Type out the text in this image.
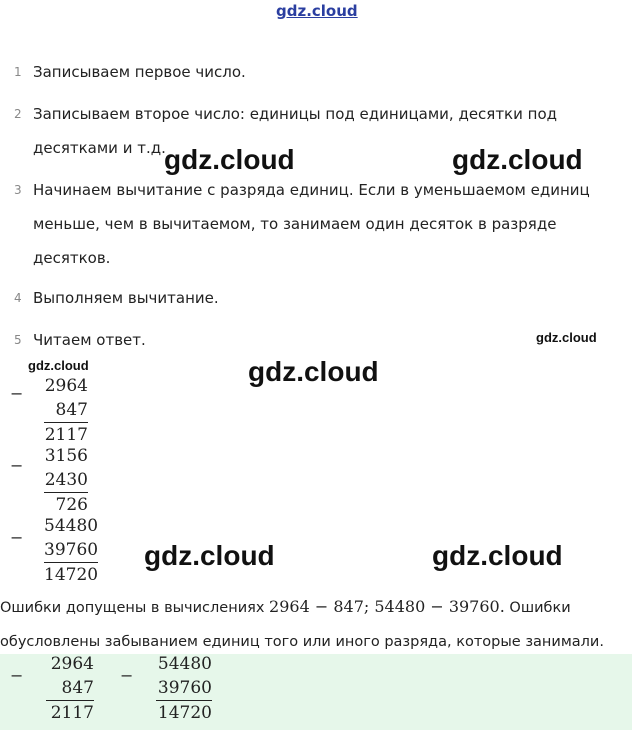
gdz.cloud
1 Записываем первое число.
2 Записываем второе число: единицы под единицами, десятки под десятками и т.д.
3 Начинаем вычитание с разряда единиц. Если в уменьшаемом единиц меньше, чем в вычитаемом, то занимаем один десяток в разряде десятков.
4 Выполняем вычитание.
5 Читаем ответ.
gdz.cloud	gdz.cloud
gdz.cloud
gdz.cloud	gdz.cloud
gdz.cloud	gdz.cloud
− 2964
847
2117
− 3156
2430
726
−
54480
39760
14720
Ошибки допущены в вычислениях 2964 − 847; 54480 − 39760. Ошибки
обусловлены забыванием единиц того или иного разряда, которые занимали.
−
2964
847
2117
−
54480
39760
14720
